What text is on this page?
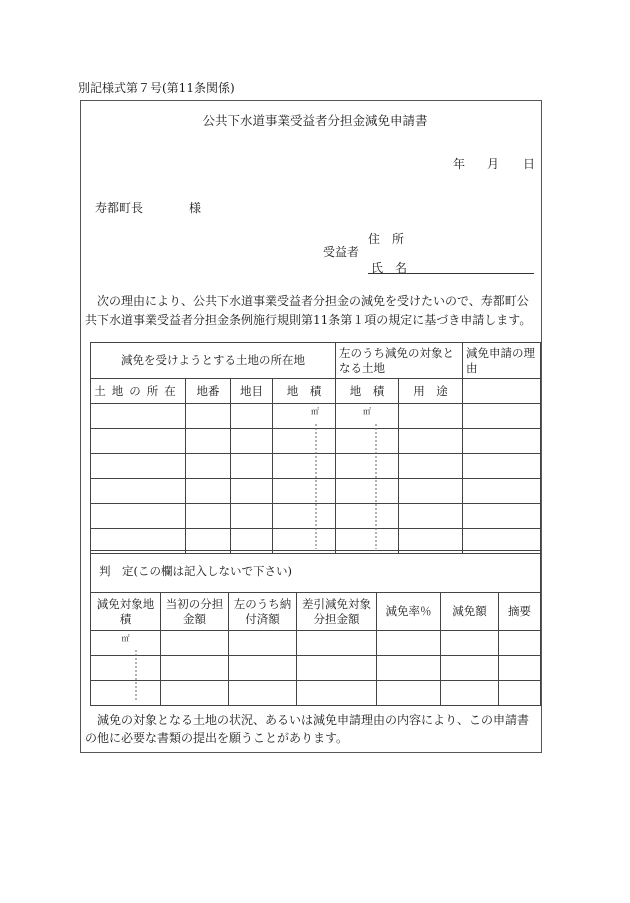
別記様式第７号(第11条関係)
公共下水道事業受益者分担金減免申請書
年 月 日
寿都町長	様
住　所
受益者
氏　名
次の理由により、公共下水道事業受益者分担金の減免を受けたいので、寿都町公共下水道事業受益者分担金条例施行規則第11条第１項の規定に基づき申請します。
減免を受けようとする土地の所在地				左のうち減免の対象となる土地		減免申請の理由
土地の所在	地番	地目	地　積	地　積	用　途	
			㎡	㎡		

判　定(この欄は記入しないで下さい)						
減免対象地　積	当初の分担金額	左のうち納付済額	差引減免対象分担金額	減免率％	減免額	摘要
㎡						

減免の対象となる土地の状況、あるいは減免申請理由の内容により、この申請書の他に必要な書類の提出を願うことがあります。
